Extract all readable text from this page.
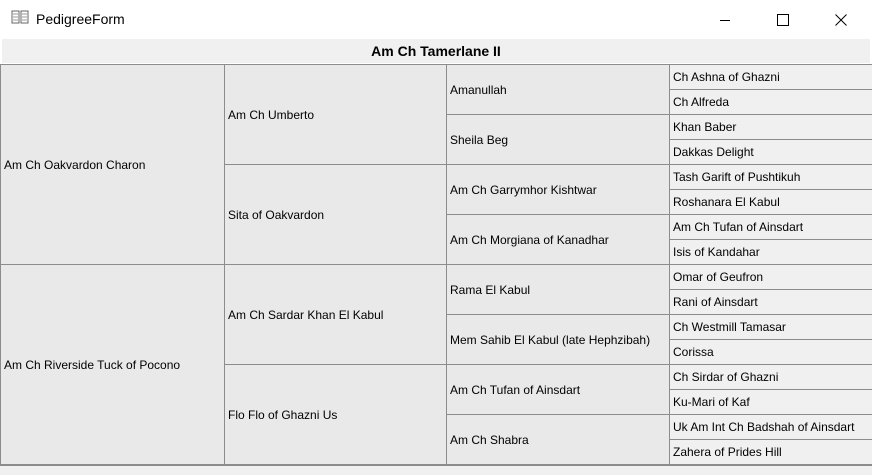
PedigreeForm
Am Ch Tamerlane II
Am Ch Oakvardon Charon
Am Ch Riverside Tuck of Pocono
Am Ch Umberto
Sita of Oakvardon
Am Ch Sardar Khan El Kabul
Flo Flo of Ghazni Us
Amanullah
Sheila Beg
Am Ch Garrymhor Kishtwar
Am Ch Morgiana of Kanadhar
Rama El Kabul
Mem Sahib El Kabul (late Hephzibah)
Am Ch Tufan of Ainsdart
Am Ch Shabra
Ch Ashna of Ghazni
Ch Alfreda
Khan Baber
Dakkas Delight
Tash Garift of Pushtikuh
Roshanara El Kabul
Am Ch Tufan of Ainsdart
Isis of Kandahar
Omar of Geufron
Rani of Ainsdart
Ch Westmill Tamasar
Corissa
Ch Sirdar of Ghazni
Ku-Mari of Kaf
Uk Am Int Ch Badshah of Ainsdart
Zahera of Prides Hill
